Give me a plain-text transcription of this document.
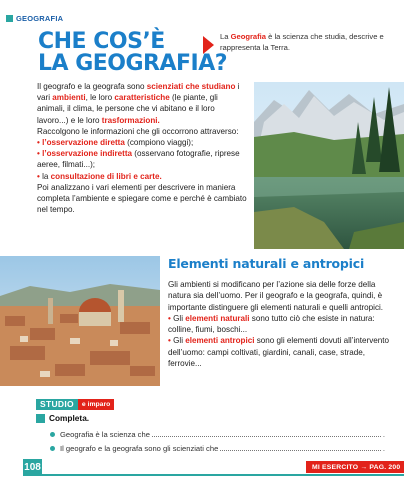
GEOGRAFIA
CHE COS’È
LA GEOGRAFIA?
La Geografia è la scienza che studia, descrive e rappresenta la Terra.

Il geografo e la geografa sono scienziati che studiano i vari ambienti, le loro caratteristiche (le piante, gli animali, il clima, le persone che vi abitano e il loro lavoro...) e le loro trasformazioni.

Raccolgono le informazioni che gli occorrono attraverso:

• l’osservazione diretta (compiono viaggi);

• l’osservazione indiretta (osservano fotografie, riprese aeree, filmati...);

• la consultazione di libri e carte.

Poi analizzano i vari elementi per descrivere in maniera completa l’ambiente e spiegare come e perché è cambiato nel tempo.

Elementi naturali e antropici

Gli ambienti si modificano per l’azione sia delle forze della natura sia dell’uomo. Per il geografo e la geografa, quindi, è importante distinguere gli elementi naturali e quelli antropici.

• Gli elementi naturali sono tutto ciò che esiste in natura: colline, fiumi, boschi...

• Gli elementi antropici sono gli elementi dovuti all’intervento dell’uomo: campi coltivati, giardini, canali, case, strade, ferrovie...

STUDIO	e imparo
Completa.
Geografia è la scienza che	.
Il geografo e la geografa sono gli scienziati che	.
108	MI ESERCITO → PAG. 200
